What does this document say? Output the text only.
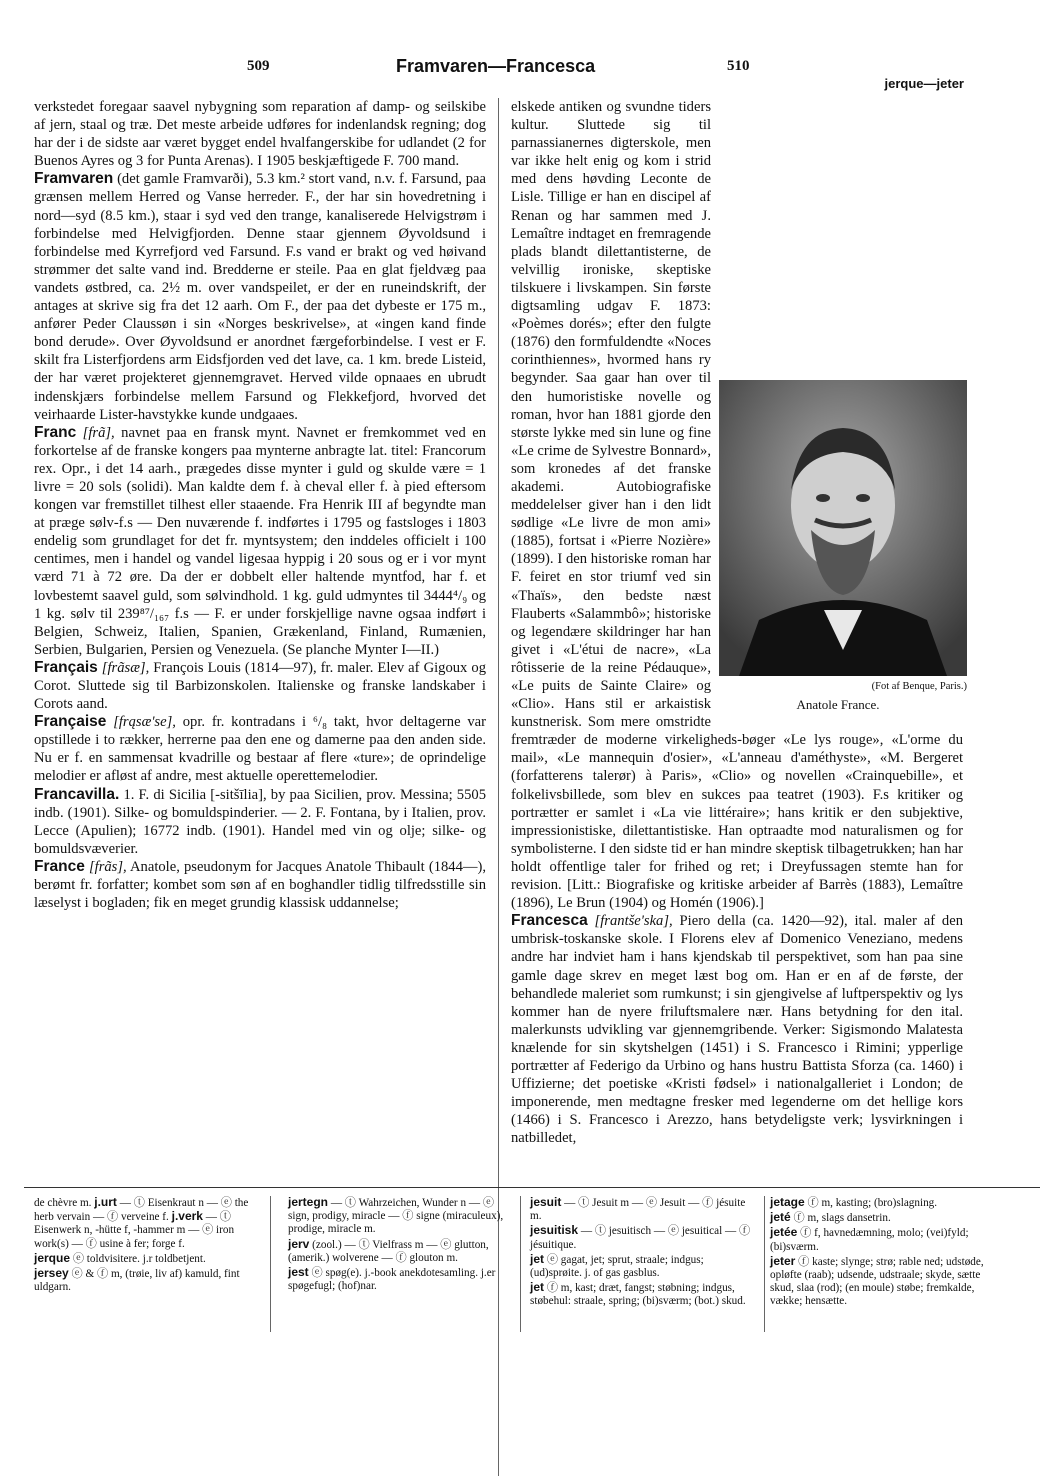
509	Framvaren—Francesca	510
jerque—jeter

verkstedet foregaar saavel nybygning som reparation af damp- og seilskibe af jern, staal og træ. Det meste arbeide udføres for indenlandsk regning; dog har der i de sidste aar været bygget endel hvalfangerskibe for udlandet (2 for Buenos Ayres og 3 for Punta Arenas). I 1905 beskjæftigede F. 700 mand.

Framvaren (det gamle Framvarði), 5.3 km.² stort vand, n.v. f. Farsund, paa grænsen mellem Herred og Vanse herreder. F., der har sin hovedretning i nord—syd (8.5 km.), staar i syd ved den trange, kanaliserede Helvigstrøm i forbindelse med Helvigfjorden. Denne staar gjennem Øyvoldsund i forbindelse med Kyrrefjord ved Farsund. F.s vand er brakt og ved høivand strømmer det salte vand ind. Bredderne er steile. Paa en glat fjeldvæg paa vandets østbred, ca. 2½ m. over vandspeilet, er der en runeindskrift, der antages at skrive sig fra det 12 aarh. Om F., der paa det dybeste er 175 m., anfører Peder Claussøn i sin «Norges beskrivelse», at «ingen kand finde bond derude». Over Øyvoldsund er anordnet færgeforbindelse. I vest er F. skilt fra Listerfjordens arm Eidsfjorden ved det lave, ca. 1 km. brede Listeid, der har været projekteret gjennemgravet. Herved vilde opnaaes en ubrudt indenskjærs forbindelse mellem Farsund og Flekkefjord, hvorved det veirhaarde Lister-havstykke kunde undgaaes.

Franc [frã], navnet paa en fransk mynt. Navnet er fremkommet ved en forkortelse af de franske kongers paa mynterne anbragte lat. titel: Francorum rex. Opr., i det 14 aarh., prægedes disse mynter i guld og skulde være = 1 livre = 20 sols (solidi). Man kaldte dem f. à cheval eller f. à pied eftersom kongen var fremstillet tilhest eller staaende. Fra Henrik III af begyndte man at præge sølv-f.s — Den nuværende f. indførtes i 1795 og fastsloges i 1803 endelig som grundlaget for det fr. myntsystem; den inddeles officielt i 100 centimes, men i handel og vandel ligesaa hyppig i 20 sous og er i vor mynt værd 71 à 72 øre. Da der er dobbelt eller haltende myntfod, har f. et lovbestemt saavel guld, som sølvindhold. 1 kg. guld udmyntes til 3444⁴/₉ og 1 kg. sølv til 239⁸⁷/₁₆₇ f.s — F. er under forskjellige navne ogsaa indført i Belgien, Schweiz, Italien, Spanien, Grækenland, Finland, Rumænien, Serbien, Bulgarien, Persien og Venezuela. (Se planche Mynter I—II.)

Français [frãsæ], François Louis (1814—97), fr. maler. Elev af Gigoux og Corot. Sluttede sig til Barbizonskolen. Italienske og franske landskaber i Corots aand.

Française [frąsæ'se], opr. fr. kontradans i ⁶/₈ takt, hvor deltagerne var opstillede i to rækker, herrerne paa den ene og damerne paa den anden side. Nu er f. en sammensat kvadrille og bestaar af flere «ture»; de oprindelige melodier er afløst af andre, mest aktuelle operettemelodier.

Francavilla. 1. F. di Sicilia [-sitšīlia], by paa Sicilien, prov. Messina; 5505 indb. (1901). Silke- og bomuldspinderier. — 2. F. Fontana, by i Italien, prov. Lecce (Apulien); 16772 indb. (1901). Handel med vin og olje; silke- og bomuldsvæverier.

France [frãs], Anatole, pseudonym for Jacques Anatole Thibault (1844—), berømt fr. forfatter; kombet som søn af en boghandler tidlig tilfredsstille sin læselyst i bogladen; fik en meget grundig klassisk uddannelse;

(Fot af Benque, Paris.)
Anatole France.

elskede antiken og svundne tiders kultur. Sluttede sig til parnassianernes digterskole, men var ikke helt enig og kom i strid med dens høvding Leconte de Lisle. Tillige er han en discipel af Renan og har sammen med J. Lemaître indtaget en fremragende plads blandt dilettantisterne, de velvillig ironiske, skeptiske tilskuere i livskampen. Sin første digtsamling udgav F. 1873: «Poèmes dorés»; efter den fulgte (1876) den formfuldendte «Noces corinthiennes», hvormed hans ry begynder. Saa gaar han over til den humoristiske novelle og roman, hvor han 1881 gjorde den største lykke med sin lune og fine «Le crime de Sylvestre Bonnard», som kronedes af det franske akademi. Autobiografiske meddelelser giver han i den lidt sødlige «Le livre de mon ami» (1885), fortsat i «Pierre Nozière» (1899). I den historiske roman har F. feiret en stor triumf ved sin «Thaïs», den bedste næst Flauberts «Salammbô»; historiske og legendære skildringer har han givet i «L'étui de nacre», «La rôtisserie de la reine Pédauque», «Le puits de Sainte Claire» og «Clio». Hans stil er arkaistisk kunstnerisk. Som mere omstridte fremtræder de moderne virkeligheds-bøger «Le lys rouge», «L'orme du mail», «Le mannequin d'osier», «L'anneau d'améthyste», «M. Bergeret (forfatterens talerør) à Paris», «Clio» og novellen «Crainquebille», et folkelivsbillede, som blev en sukces paa teatret (1903). F.s kritiker og portrætter er samlet i «La vie littéraire»; hans kritik er den subjektive, impressionistiske, dilettantistiske. Han optraadte mod naturalismen og for symbolisterne. I den sidste tid er han mindre skeptisk tilbagetrukken; han har holdt offentlige taler for frihed og ret; i Dreyfussagen stemte han for revision. [Litt.: Biografiske og kritiske arbeider af Barrès (1883), Lemaître (1896), Le Brun (1904) og Homén (1906).]

Francesca [frantše'ska], Piero della (ca. 1420—92), ital. maler af den umbrisk-toskanske skole. I Florens elev af Domenico Veneziano, medens andre har indviet ham i hans kjendskab til perspektivet, som han paa sine gamle dage skrev en meget læst bog om. Han er en af de første, der behandlede maleriet som rumkunst; i sin gjengivelse af luftperspektiv og lys kommer han de nyere friluftsmalere nær. Hans betydning for den ital. malerkunsts udvikling var gjennemgribende. Verker: Sigismondo Malatesta knælende for sin skytshelgen (1451) i S. Francesco i Rimini; ypperlige portrætter af Federigo da Urbino og hans hustru Battista Sforza (ca. 1460) i Uffizierne; det poetiske «Kristi fødsel» i nationalgalleriet i London; de imponerende, men medtagne fresker med legenderne om det hellige kors (1466) i S. Francesco i Arezzo, hans betydeligste verk; lysvirkningen i natbilledet,

de chèvre m. j.urt — ⓣ Eisenkraut n — ⓔ the herb vervain — ⓕ verveine f. j.verk — ⓣ Eisenwerk n, -hütte f, -hammer m — ⓔ iron work(s) — ⓕ usine à fer; forge f.

jerque ⓔ toldvisitere. j.r toldbetjent.

jersey ⓔ & ⓕ m, (trøie, liv af) kamuld, fint uldgarn.

jertegn — ⓣ Wahrzeichen, Wunder n — ⓔ sign, prodigy, miracle — ⓕ signe (miraculeux), prodige, miracle m.

jerv (zool.) — ⓣ Vielfrass m — ⓔ glutton, (amerik.) wolverene — ⓕ glouton m.

jest ⓔ spøg(e). j.-book anekdotesamling. j.er spøgefugl; (hof)nar.

jesuit — ⓣ Jesuit m — ⓔ Jesuit — ⓕ jésuite m.

jesuitisk — ⓣ jesuitisch — ⓔ jesuitical — ⓕ jésuitique.

jet ⓔ gagat, jet; sprut, straale; indgus; (ud)sprøite. j. of gas gasblus.

jet ⓕ m, kast; dræt, fangst; støbning; indgus, støbehul: straale, spring; (bi)sværm; (bot.) skud.

jetage ⓕ m, kasting; (bro)slagning.

jeté ⓕ m, slags dansetrin.

jetée ⓕ f, havnedæmning, molo; (vei)fyld; (bi)sværm.

jeter ⓕ kaste; slynge; strø; rable ned; udstøde, opløfte (raab); udsende, udstraale; skyde, sætte skud, slaa (rod); (en moule) støbe; fremkalde, vække; hensætte.
